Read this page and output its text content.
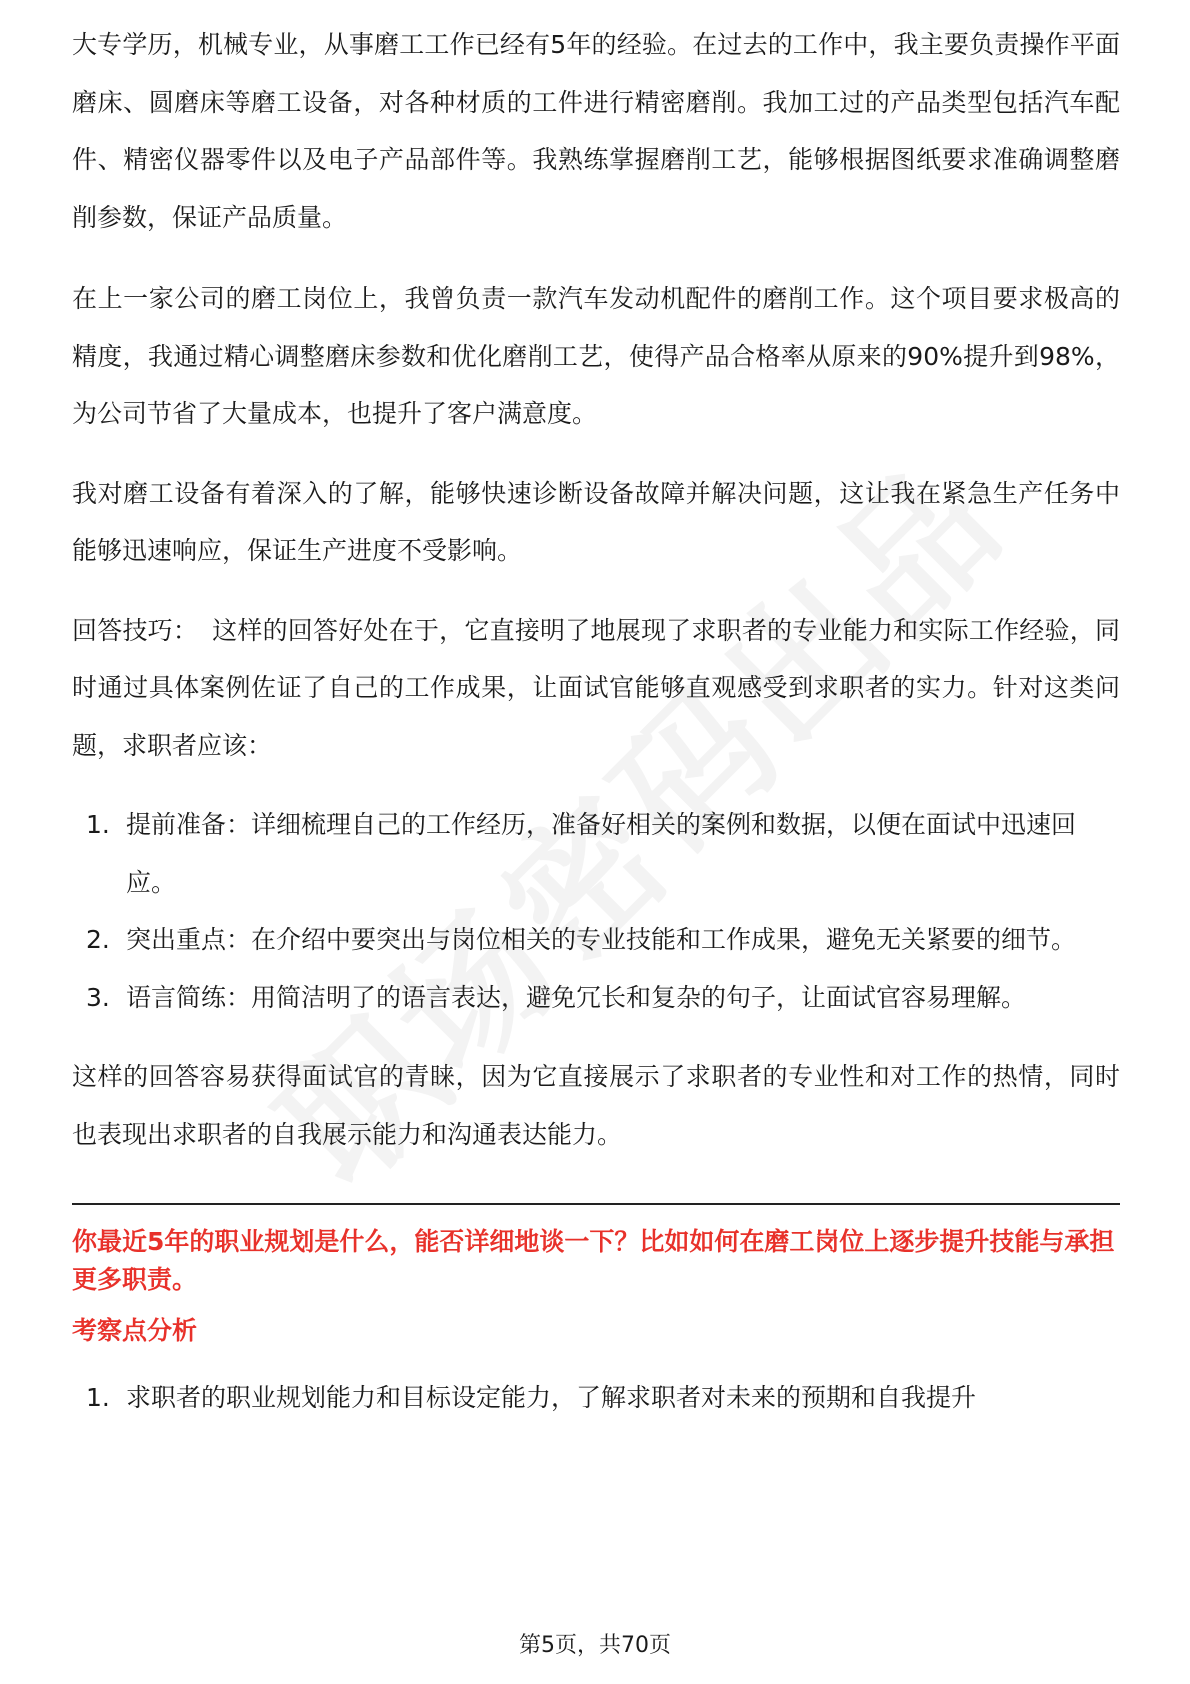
大专学历，机械专业，从事磨工工作已经有5年的经验。在过去的工作中，我主要负责操作平面磨床、圆磨床等磨工设备，对各种材质的工件进行精密磨削。我加工过的产品类型包括汽车配件、精密仪器零件以及电子产品部件等。我熟练掌握磨削工艺，能够根据图纸要求准确调整磨削参数，保证产品质量。

在上一家公司的磨工岗位上，我曾负责一款汽车发动机配件的磨削工作。这个项目要求极高的精度，我通过精心调整磨床参数和优化磨削工艺，使得产品合格率从原来的90%提升到98%，为公司节省了大量成本，也提升了客户满意度。

我对磨工设备有着深入的了解，能够快速诊断设备故障并解决问题，这让我在紧急生产任务中能够迅速响应，保证生产进度不受影响。

回答技巧： 这样的回答好处在于，它直接明了地展现了求职者的专业能力和实际工作经验，同时通过具体案例佐证了自己的工作成果，让面试官能够直观感受到求职者的实力。针对这类问题，求职者应该：

1. 提前准备：详细梳理自己的工作经历，准备好相关的案例和数据，以便在面试中迅速回应。
2. 突出重点：在介绍中要突出与岗位相关的专业技能和工作成果，避免无关紧要的细节。
3. 语言简练：用简洁明了的语言表达，避免冗长和复杂的句子，让面试官容易理解。

这样的回答容易获得面试官的青睐，因为它直接展示了求职者的专业性和对工作的热情，同时也表现出求职者的自我展示能力和沟通表达能力。

你最近5年的职业规划是什么，能否详细地谈一下？比如如何在磨工岗位上逐步提升技能与承担更多职责。

考察点分析

1. 求职者的职业规划能力和目标设定能力，了解求职者对未来的预期和自我提升
第5页，共70页
